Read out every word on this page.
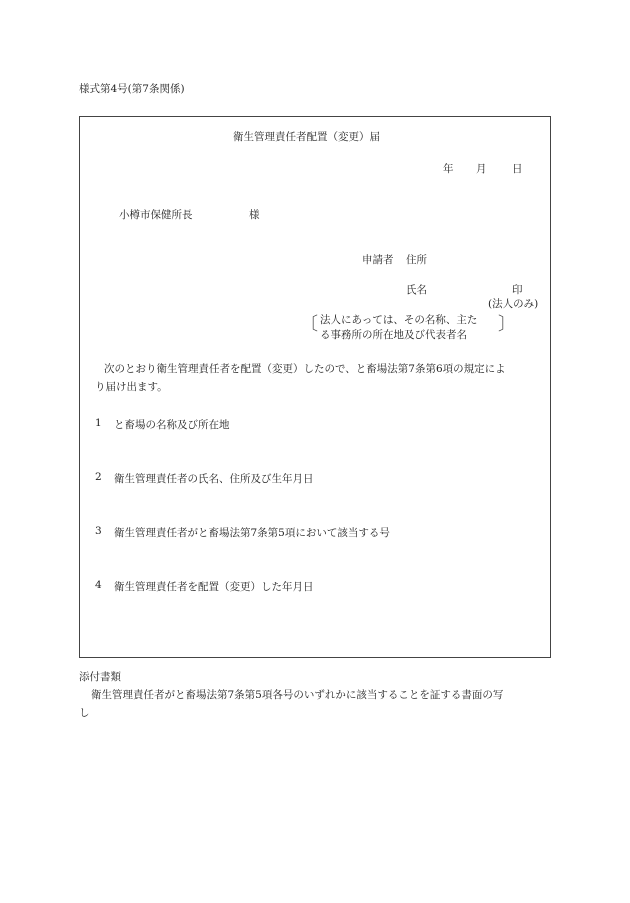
様式第4号(第7条関係)
衛生管理責任者配置（変更）届
年 月 日
小樽市保健所長	様
申請者 住所
氏名	印
(法人のみ)
〔 法人にあっては、その名称、主た
る事務所の所在地及び代表者名 〕
次のとおり衛生管理責任者を配置（変更）したので、と畜場法第7条第6項の規定によ
り届け出ます。
1 と畜場の名称及び所在地
2 衛生管理責任者の氏名、住所及び生年月日
3 衛生管理責任者がと畜場法第7条第5項において該当する号
4 衛生管理責任者を配置（変更）した年月日
添付書類
衛生管理責任者がと畜場法第7条第5項各号のいずれかに該当することを証する書面の写
し
